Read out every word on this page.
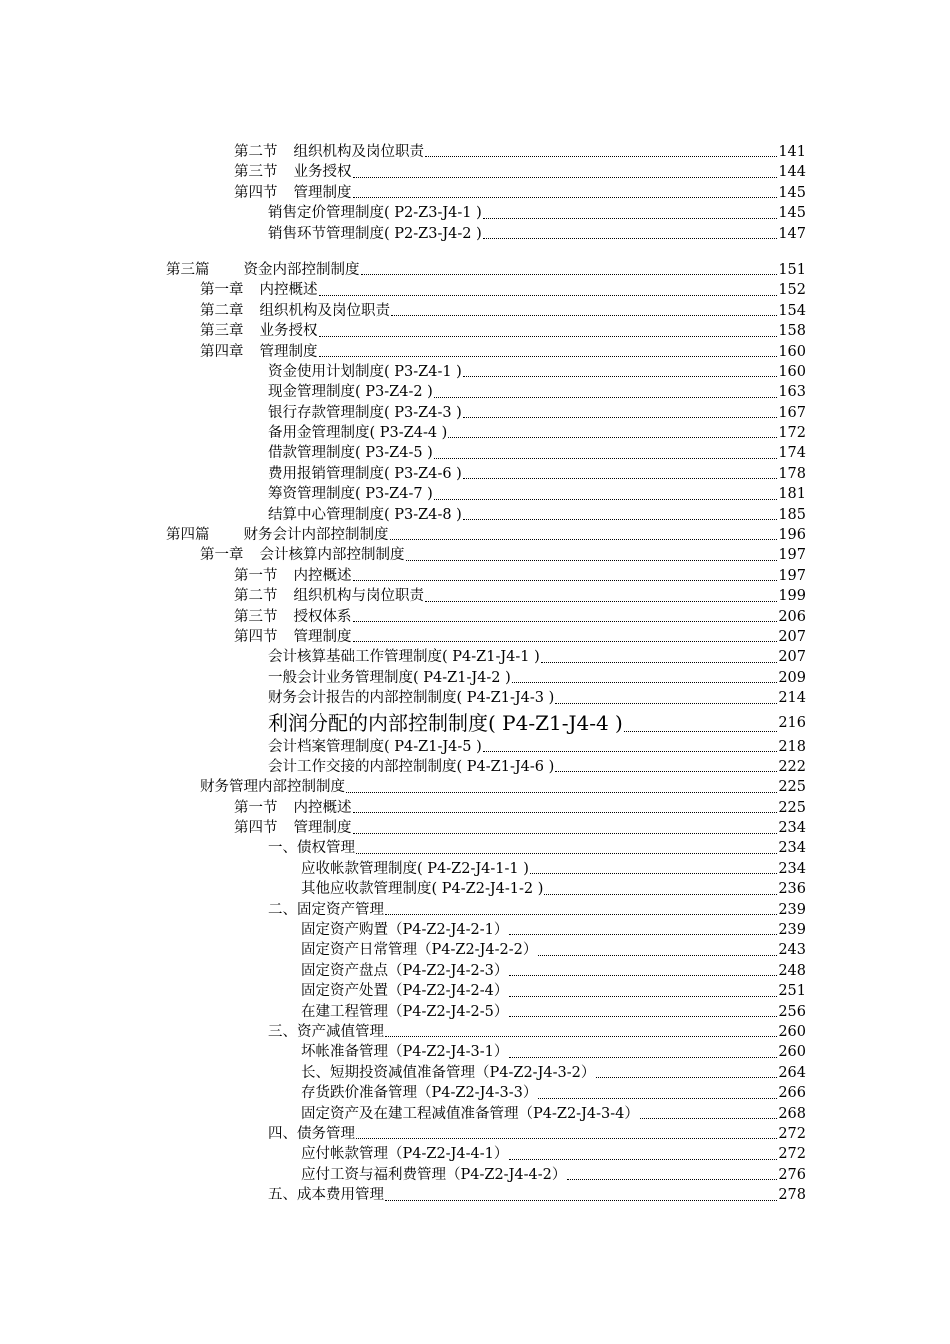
第二节 组织机构及岗位职责	141
第三节 业务授权	144
第四节 管理制度	145
销售定价管理制度( P2-Z3-J4-1 )	145
销售环节管理制度( P2-Z3-J4-2 )	147
第三篇 资金内部控制制度	151
第一章 内控概述	152
第二章 组织机构及岗位职责	154
第三章 业务授权	158
第四章 管理制度	160
资金使用计划制度( P3-Z4-1 )	160
现金管理制度( P3-Z4-2 )	163
银行存款管理制度( P3-Z4-3 )	167
备用金管理制度( P3-Z4-4 )	172
借款管理制度( P3-Z4-5 )	174
费用报销管理制度( P3-Z4-6 )	178
筹资管理制度( P3-Z4-7 )	181
结算中心管理制度( P3-Z4-8 )	185
第四篇 财务会计内部控制制度	196
第一章 会计核算内部控制制度	197
第一节 内控概述	197
第二节 组织机构与岗位职责	199
第三节 授权体系	206
第四节 管理制度	207
会计核算基础工作管理制度( P4-Z1-J4-1 )	207
一般会计业务管理制度( P4-Z1-J4-2 )	209
财务会计报告的内部控制制度( P4-Z1-J4-3 )	214
利润分配的内部控制制度( P4-Z1-J4-4 )	216
会计档案管理制度( P4-Z1-J4-5 )	218
会计工作交接的内部控制制度( P4-Z1-J4-6 )	222
财务管理内部控制制度	225
第一节 内控概述	225
第四节 管理制度	234
一、债权管理	234
应收帐款管理制度( P4-Z2-J4-1-1 )	234
其他应收款管理制度( P4-Z2-J4-1-2 )	236
二、固定资产管理	239
固定资产购置（P4-Z2-J4-2-1）	239
固定资产日常管理（P4-Z2-J4-2-2）	243
固定资产盘点（P4-Z2-J4-2-3）	248
固定资产处置（P4-Z2-J4-2-4）	251
在建工程管理（P4-Z2-J4-2-5）	256
三、资产减值管理	260
坏帐准备管理（P4-Z2-J4-3-1）	260
长、短期投资减值准备管理（P4-Z2-J4-3-2）	264
存货跌价准备管理（P4-Z2-J4-3-3）	266
固定资产及在建工程减值准备管理（P4-Z2-J4-3-4）	268
四、债务管理	272
应付帐款管理（P4-Z2-J4-4-1）	272
应付工资与福利费管理（P4-Z2-J4-4-2）	276
五、成本费用管理	278
